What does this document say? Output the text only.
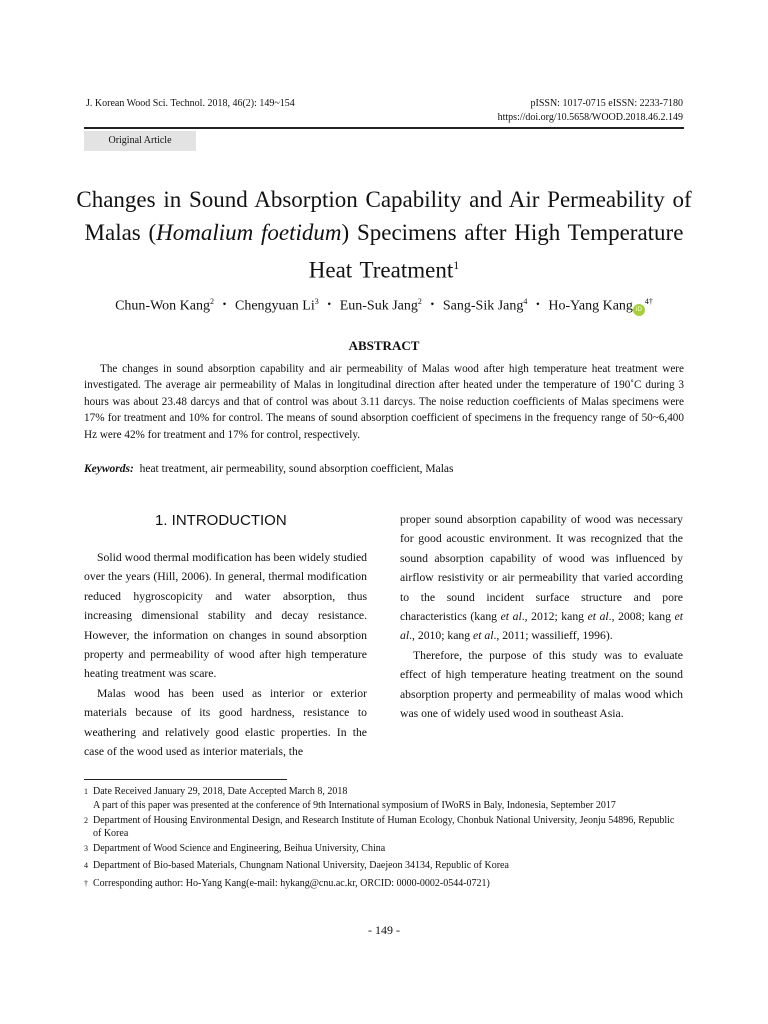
J. Korean Wood Sci. Technol. 2018, 46(2): 149~154	pISSN: 1017-0715 eISSN: 2233-7180
https://doi.org/10.5658/WOOD.2018.46.2.149
Original Article
Changes in Sound Absorption Capability and Air Permeability of Malas (Homalium foetidum) Specimens after High Temperature Heat Treatment$^1$
Chun-Won Kang$^2$ ・ Chengyuan Li$^3$ ・ Eun-Suk Jang$^2$ ・ Sang-Sik Jang$^4$ ・ Ho-Yang Kang $iD^{4\dagger}$
ABSTRACT
The changes in sound absorption capability and air permeability of Malas wood after high temperature heat treatment were investigated. The average air permeability of Malas in longitudinal direction after heated under the temperature of 190˚C during 3 hours was about 23.48 darcys and that of control was about 3.11 darcys. The noise reduction coefficients of Malas specimens were 17% for treatment and 10% for control. The means of sound absorption coefficient of specimens in the frequency range of 50~6,400 Hz were 42% for treatment and 17% for control, respectively.
Keywords: heat treatment, air permeability, sound absorption coefficient, Malas
1. INTRODUCTION

Solid wood thermal modification has been widely studied over the years (Hill, 2006). In general, thermal modification reduced hygroscopicity and water absorption, thus increasing dimensional stability and decay resistance. However, the information on changes in sound absorption property and permeability of wood after high temperature heating treatment was scare.

Malas wood has been used as interior or exterior materials because of its good hardness, resistance to weathering and relatively good elastic properties. In the case of the wood used as interior materials, the

proper sound absorption capability of wood was necessary for good acoustic environment. It was recognized that the sound absorption capability of wood was influenced by airflow resistivity or air permeability that varied according to the sound incident surface structure and pore characteristics (kang et al., 2012; kang et al., 2008; kang et al., 2010; kang et al., 2011; wassilieff, 1996).

Therefore, the purpose of this study was to evaluate effect of high temperature heating treatment on the sound absorption property and permeability of malas wood which was one of widely used wood in southeast Asia.

1 Date Received January 29, 2018, Date Accepted March 8, 2018
A part of this paper was presented at the conference of 9th International symposium of IWoRS in Baly, Indonesia, September 2017
2 Department of Housing Environmental Design, and Research Institute of Human Ecology, Chonbuk National University, Jeonju 54896, Republic of Korea
3 Department of Wood Science and Engineering, Beihua University, China
4 Department of Bio-based Materials, Chungnam National University, Daejeon 34134, Republic of Korea
† Corresponding author: Ho-Yang Kang(e-mail: hykang@cnu.ac.kr, ORCID: 0000-0002-0544-0721)
- 149 -
